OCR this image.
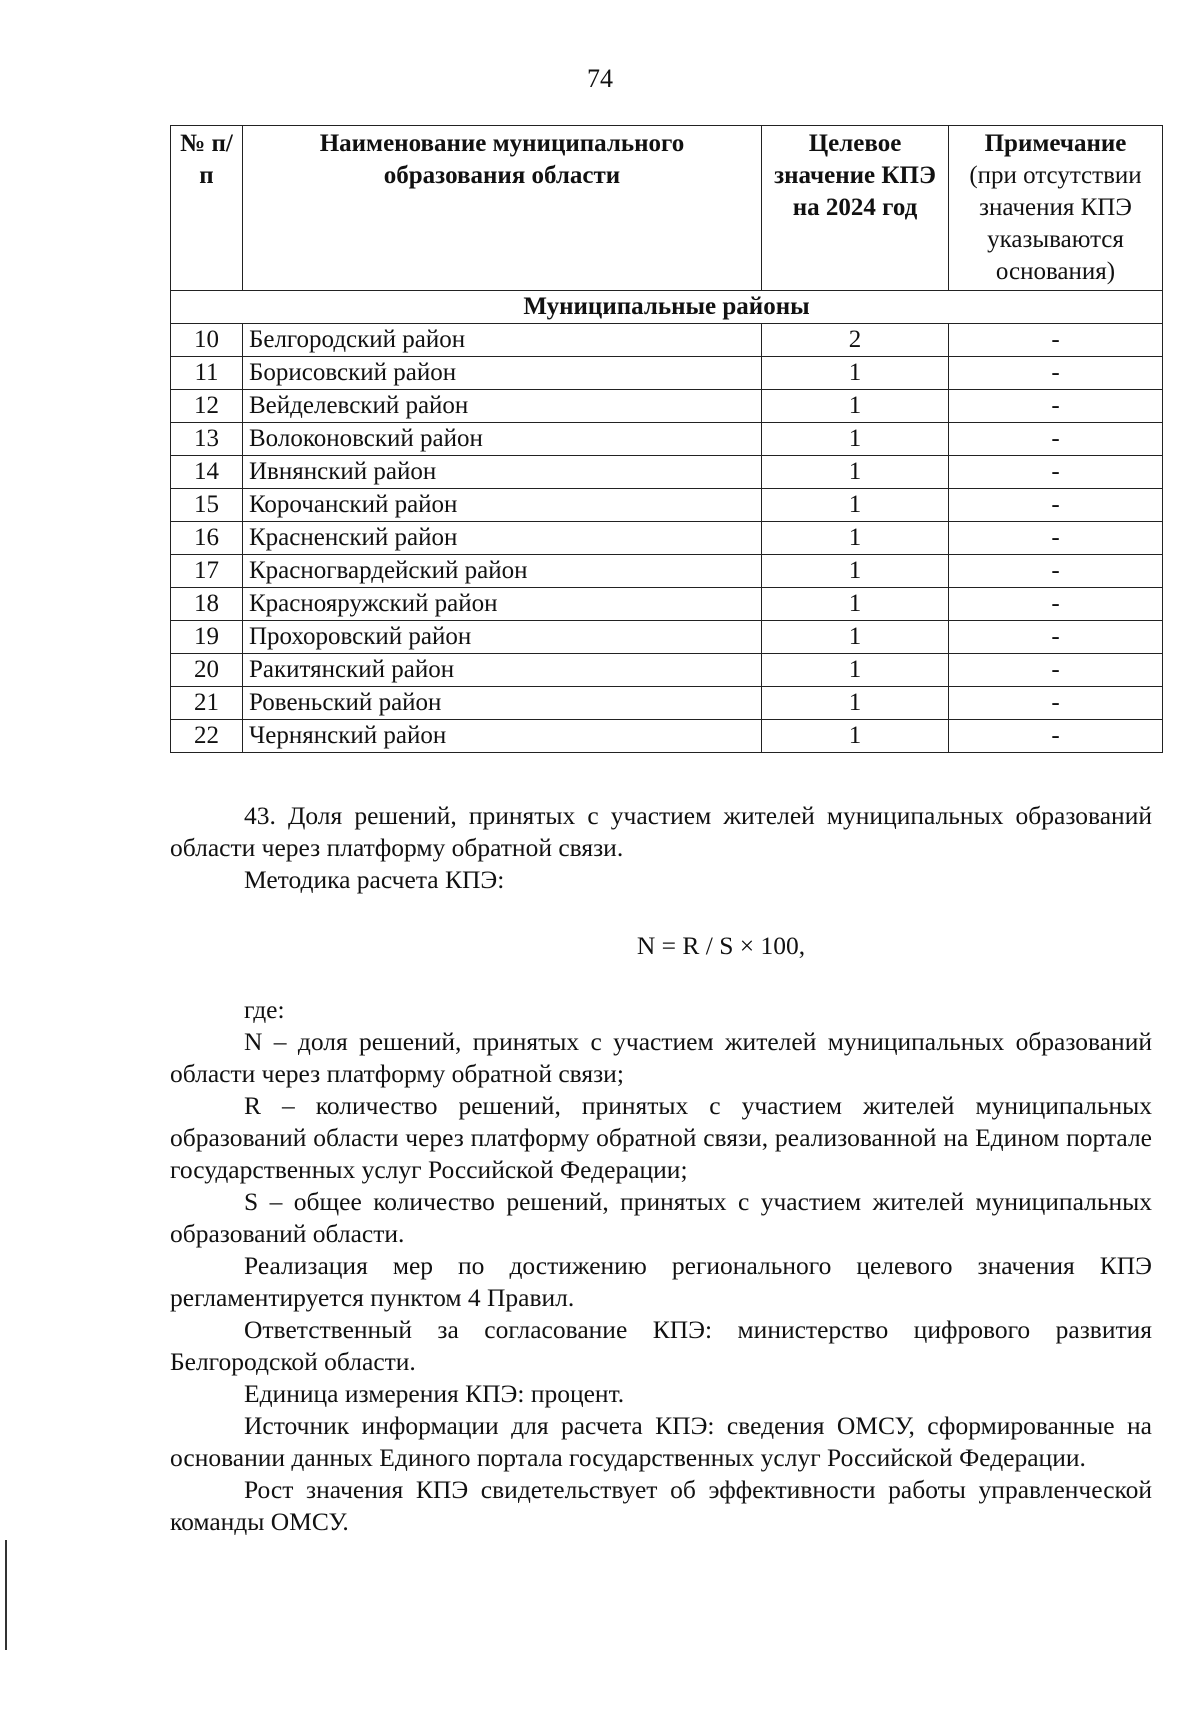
74
№ п/п	Наименование муниципального образования области	Целевое значение КПЭ на 2024 год	Примечание
(при отсутствии значения КПЭ указываются основания)

Муниципальные районы			
10	Белгородский район	2	-
11	Борисовский район	1	-
12	Вейделевский район	1	-
13	Волоконовский район	1	-
14	Ивнянский район	1	-
15	Корочанский район	1	-
16	Красненский район	1	-
17	Красногвардейский район	1	-
18	Краснояружский район	1	-
19	Прохоровский район	1	-
20	Ракитянский район	1	-
21	Ровеньский район	1	-
22	Чернянский район	1	-

43. Доля решений, принятых с участием жителей муниципальных образований области через платформу обратной связи.

Методика расчета КПЭ:

N = R / S × 100,

где:

N – доля решений, принятых с участием жителей муниципальных образований области через платформу обратной связи;

R – количество решений, принятых с участием жителей муниципальных образований области через платформу обратной связи, реализованной на Едином портале государственных услуг Российской Федерации;

S – общее количество решений, принятых с участием жителей муниципальных образований области.

Реализация мер по достижению регионального целевого значения КПЭ регламентируется пунктом 4 Правил.

Ответственный за согласование КПЭ: министерство цифрового развития Белгородской области.

Единица измерения КПЭ: процент.

Источник информации для расчета КПЭ: сведения ОМСУ, сформированные на основании данных Единого портала государственных услуг Российской Федерации.

Рост значения КПЭ свидетельствует об эффективности работы управленческой команды ОМСУ.
